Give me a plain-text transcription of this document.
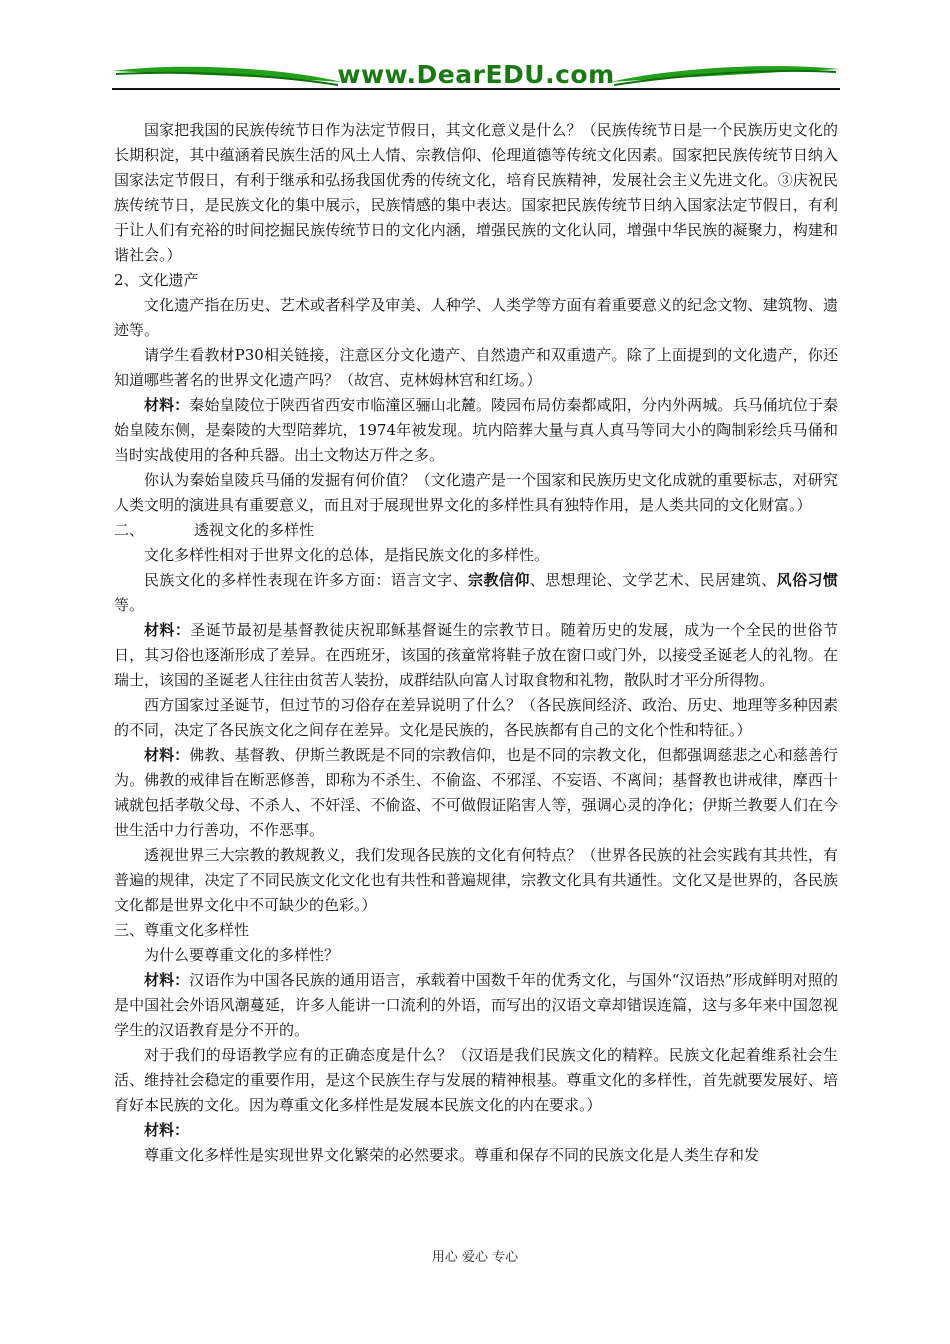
www.DearEDU.com

国家把我国的民族传统节日作为法定节假日，其文化意义是什么？（民族传统节日是一个民族历史文化的长期积淀，其中蕴涵着民族生活的风土人情、宗教信仰、伦理道德等传统文化因素。国家把民族传统节日纳入国家法定节假日，有利于继承和弘扬我国优秀的传统文化，培育民族精神，发展社会主义先进文化。③庆祝民族传统节日，是民族文化的集中展示，民族情感的集中表达。国家把民族传统节日纳入国家法定节假日，有利于让人们有充裕的时间挖掘民族传统节日的文化内涵，增强民族的文化认同，增强中华民族的凝聚力，构建和谐社会。）

2、文化遗产

文化遗产指在历史、艺术或者科学及审美、人种学、人类学等方面有着重要意义的纪念文物、建筑物、遗迹等。

请学生看教材P30相关链接，注意区分文化遗产、自然遗产和双重遗产。除了上面提到的文化遗产，你还知道哪些著名的世界文化遗产吗？（故宫、克林姆林宫和红场。）

材料：秦始皇陵位于陕西省西安市临潼区骊山北麓。陵园布局仿秦都咸阳，分内外两城。兵马俑坑位于秦始皇陵东侧，是秦陵的大型陪葬坑，1974年被发现。坑内陪葬大量与真人真马等同大小的陶制彩绘兵马俑和当时实战使用的各种兵器。出土文物达万件之多。

你认为秦始皇陵兵马俑的发掘有何价值？（文化遗产是一个国家和民族历史文化成就的重要标志，对研究人类文明的演进具有重要意义，而且对于展现世界文化的多样性具有独特作用，是人类共同的文化财富。）

二、	透视文化的多样性

文化多样性相对于世界文化的总体，是指民族文化的多样性。

民族文化的多样性表现在许多方面：语言文字、宗教信仰、思想理论、文学艺术、民居建筑、风俗习惯等。

材料：圣诞节最初是基督教徒庆祝耶稣基督诞生的宗教节日。随着历史的发展，成为一个全民的世俗节日，其习俗也逐渐形成了差异。在西班牙，该国的孩童常将鞋子放在窗口或门外，以接受圣诞老人的礼物。在瑞士，该国的圣诞老人往往由贫苦人装扮，成群结队向富人讨取食物和礼物，散队时才平分所得物。

西方国家过圣诞节，但过节的习俗存在差异说明了什么？（各民族间经济、政治、历史、地理等多种因素的不同，决定了各民族文化之间存在差异。文化是民族的，各民族都有自己的文化个性和特征。）

材料：佛教、基督教、伊斯兰教既是不同的宗教信仰，也是不同的宗教文化，但都强调慈悲之心和慈善行为。佛教的戒律旨在断恶修善，即称为不杀生、不偷盗、不邪淫、不妄语、不离间；基督教也讲戒律，摩西十诫就包括孝敬父母、不杀人、不奸淫、不偷盗、不可做假证陷害人等，强调心灵的净化；伊斯兰教要人们在今世生活中力行善功，不作恶事。

透视世界三大宗教的教规教义，我们发现各民族的文化有何特点？（世界各民族的社会实践有其共性，有普遍的规律，决定了不同民族文化文化也有共性和普遍规律，宗教文化具有共通性。文化又是世界的，各民族文化都是世界文化中不可缺少的色彩。）

三、尊重文化多样性

为什么要尊重文化的多样性？

材料：汉语作为中国各民族的通用语言，承载着中国数千年的优秀文化，与国外“汉语热”形成鲜明对照的是中国社会外语风潮蔓延，许多人能讲一口流利的外语，而写出的汉语文章却错误连篇，这与多年来中国忽视学生的汉语教育是分不开的。

对于我们的母语教学应有的正确态度是什么？（汉语是我们民族文化的精粹。民族文化起着维系社会生活、维持社会稳定的重要作用，是这个民族生存与发展的精神根基。尊重文化的多样性，首先就要发展好、培育好本民族的文化。因为尊重文化多样性是发展本民族文化的内在要求。）

材料：

尊重文化多样性是实现世界文化繁荣的必然要求。尊重和保存不同的民族文化是人类生存和发

用心 爱心 专心
